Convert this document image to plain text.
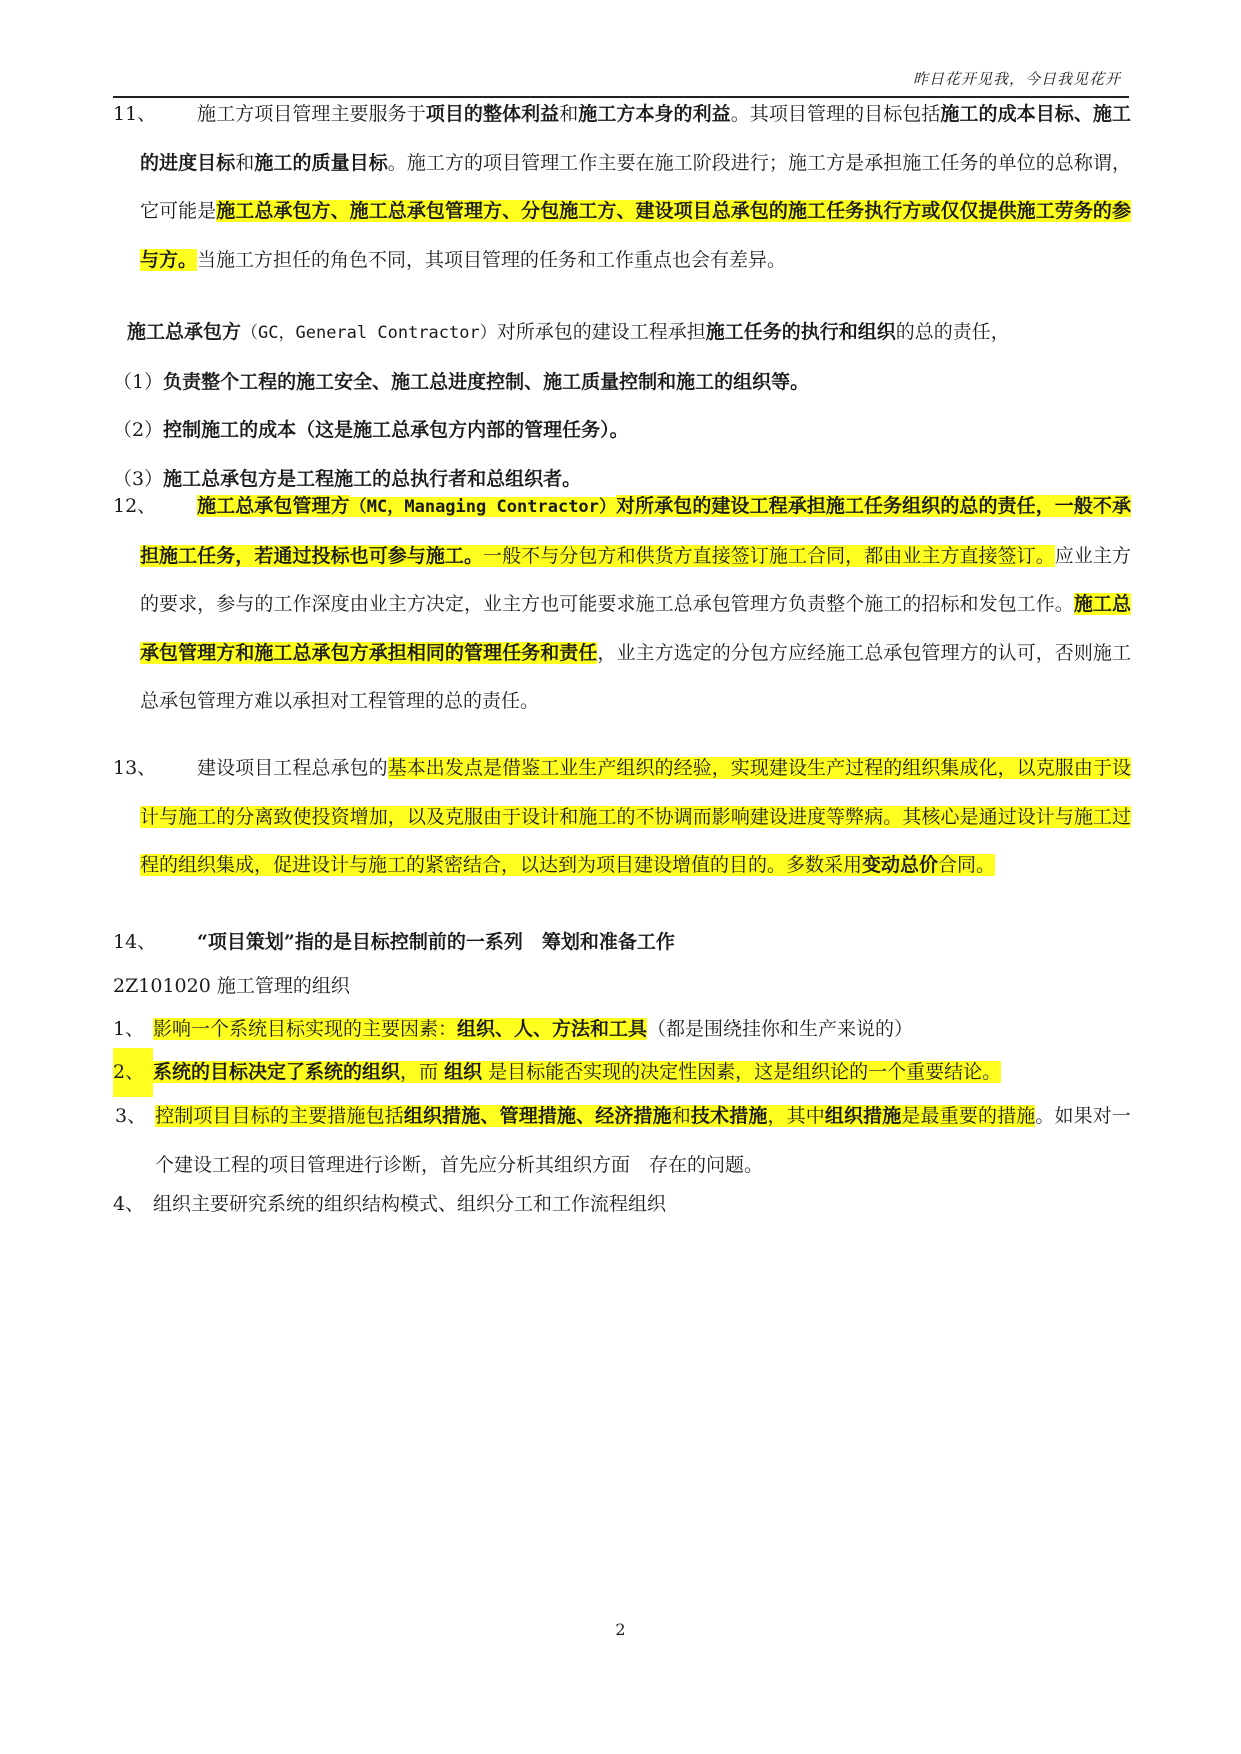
昨日花开见我，今日我见花开
11、 施工方项目管理主要服务于项目的整体利益和施工方本身的利益。其项目管理的目标包括施工的成本目标、施工的进度目标和施工的质量目标。施工方的项目管理工作主要在施工阶段进行；施工方是承担施工任务的单位的总称谓，它可能是施工总承包方、施工总承包管理方、分包施工方、建设项目总承包的施工任务执行方或仅仅提供施工劳务的参与方。当施工方担任的角色不同，其项目管理的任务和工作重点也会有差异。
施工总承包方（GC，General Contractor）对所承包的建设工程承担施工任务的执行和组织的总的责任，
（1）负责整个工程的施工安全、施工总进度控制、施工质量控制和施工的组织等。
（2）控制施工的成本（这是施工总承包方内部的管理任务）。
（3）施工总承包方是工程施工的总执行者和总组织者。
12、 施工总承包管理方（MC，Managing Contractor）对所承包的建设工程承担施工任务组织的总的责任，一般不承担施工任务，若通过投标也可参与施工。一般不与分包方和供货方直接签订施工合同，都由业主方直接签订。应业主方的要求，参与的工作深度由业主方决定，业主方也可能要求施工总承包管理方负责整个施工的招标和发包工作。施工总承包管理方和施工总承包方承担相同的管理任务和责任，业主方选定的分包方应经施工总承包管理方的认可，否则施工总承包管理方难以承担对工程管理的总的责任。
13、 建设项目工程总承包的基本出发点是借鉴工业生产组织的经验，实现建设生产过程的组织集成化，以克服由于设计与施工的分离致使投资增加，以及克服由于设计和施工的不协调而影响建设进度等弊病。其核心是通过设计与施工过程的组织集成，促进设计与施工的紧密结合，以达到为项目建设增值的目的。多数采用变动总价合同。
14、 “项目策划”指的是目标控制前的一系列　筹划和准备工作
2Z101020 施工管理的组织
1、 影响一个系统目标实现的主要因素：组织、人、方法和工具（都是围绕挂你和生产来说的）
2、 系统的目标决定了系统的组织，而 组织 是目标能否实现的决定性因素，这是组织论的一个重要结论。
3、 控制项目目标的主要措施包括组织措施、管理措施、经济措施和技术措施，其中组织措施是最重要的措施。如果对一个建设工程的项目管理进行诊断，首先应分析其组织方面　存在的问题。
4、 组织主要研究系统的组织结构模式、组织分工和工作流程组织
2
